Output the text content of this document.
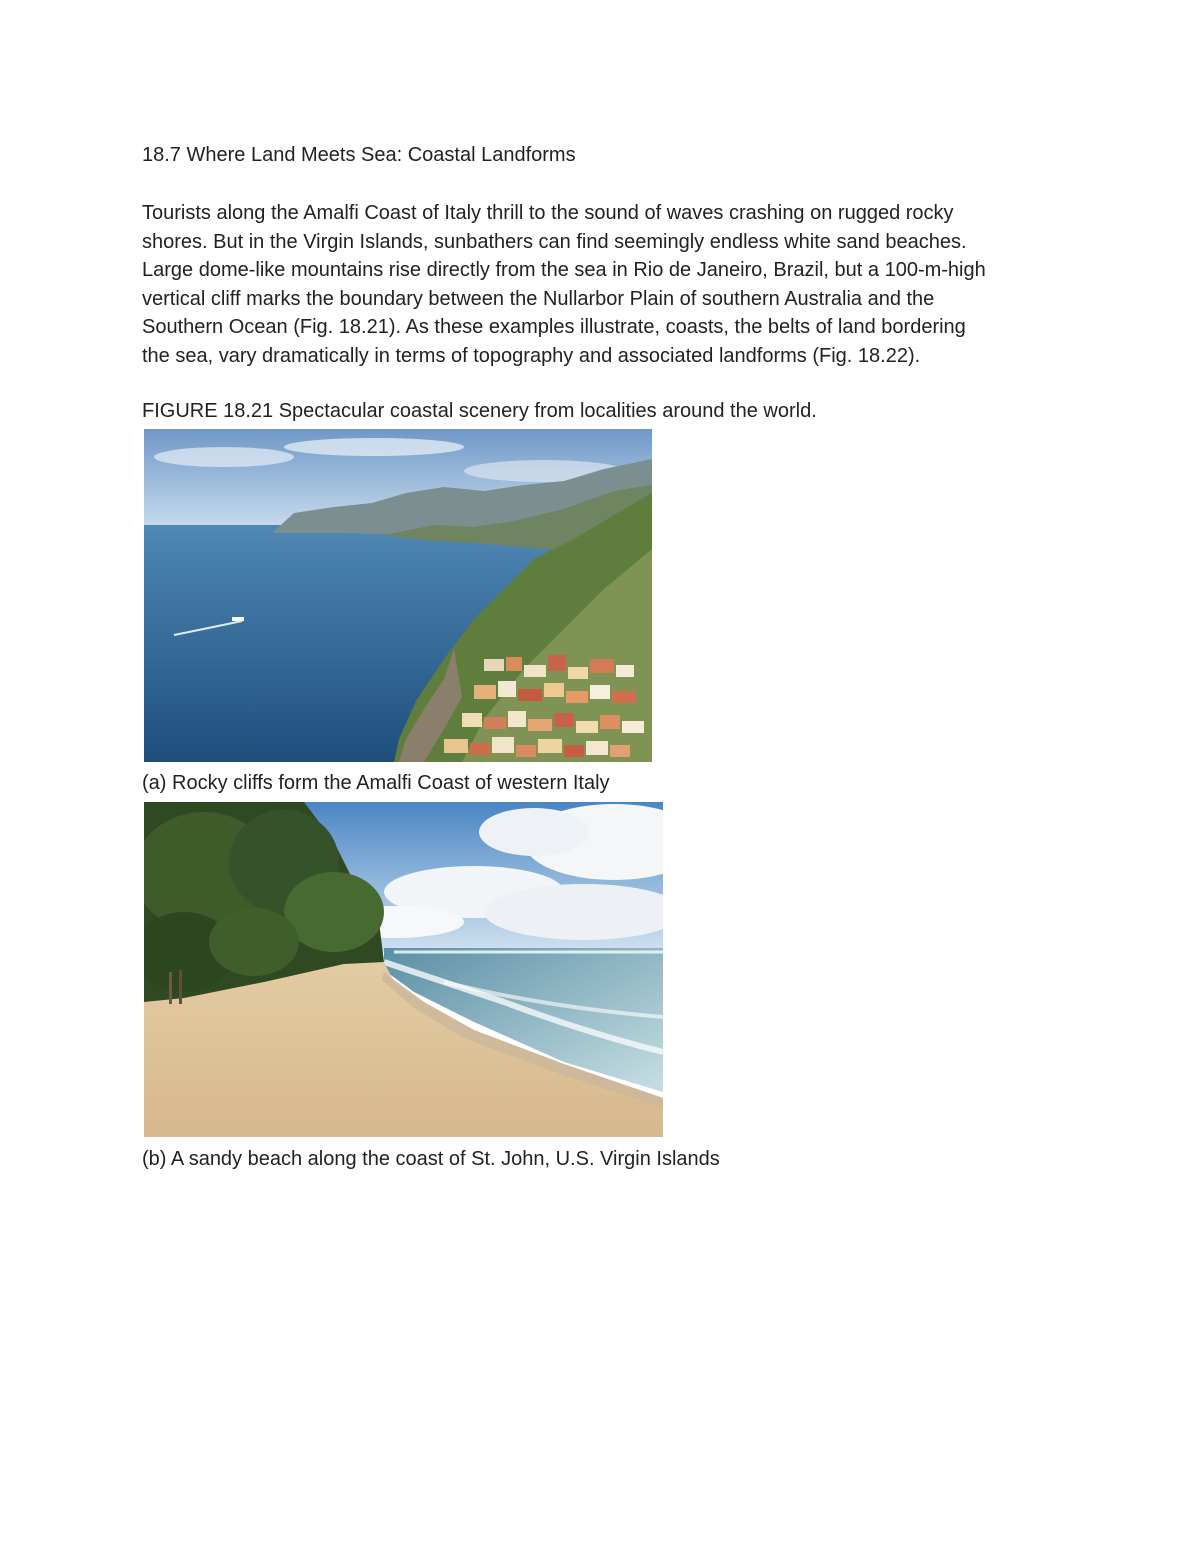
18.7 Where Land Meets Sea: Coastal Landforms

Tourists along the Amalfi Coast of Italy thrill to the sound of waves crashing on rugged rocky
shores. But in the Virgin Islands, sunbathers can find seemingly endless white sand beaches.
Large dome-like mountains rise directly from the sea in Rio de Janeiro, Brazil, but a 100-m-high
vertical cliff marks the boundary between the Nullarbor Plain of southern Australia and the
Southern Ocean (Fig. 18.21). As these examples illustrate, coasts, the belts of land bordering
the sea, vary dramatically in terms of topography and associated landforms (Fig. 18.22).

FIGURE 18.21 Spectacular coastal scenery from localities around the world.

(a) Rocky cliffs form the Amalfi Coast of western Italy

(b) A sandy beach along the coast of St. John, U.S. Virgin Islands
